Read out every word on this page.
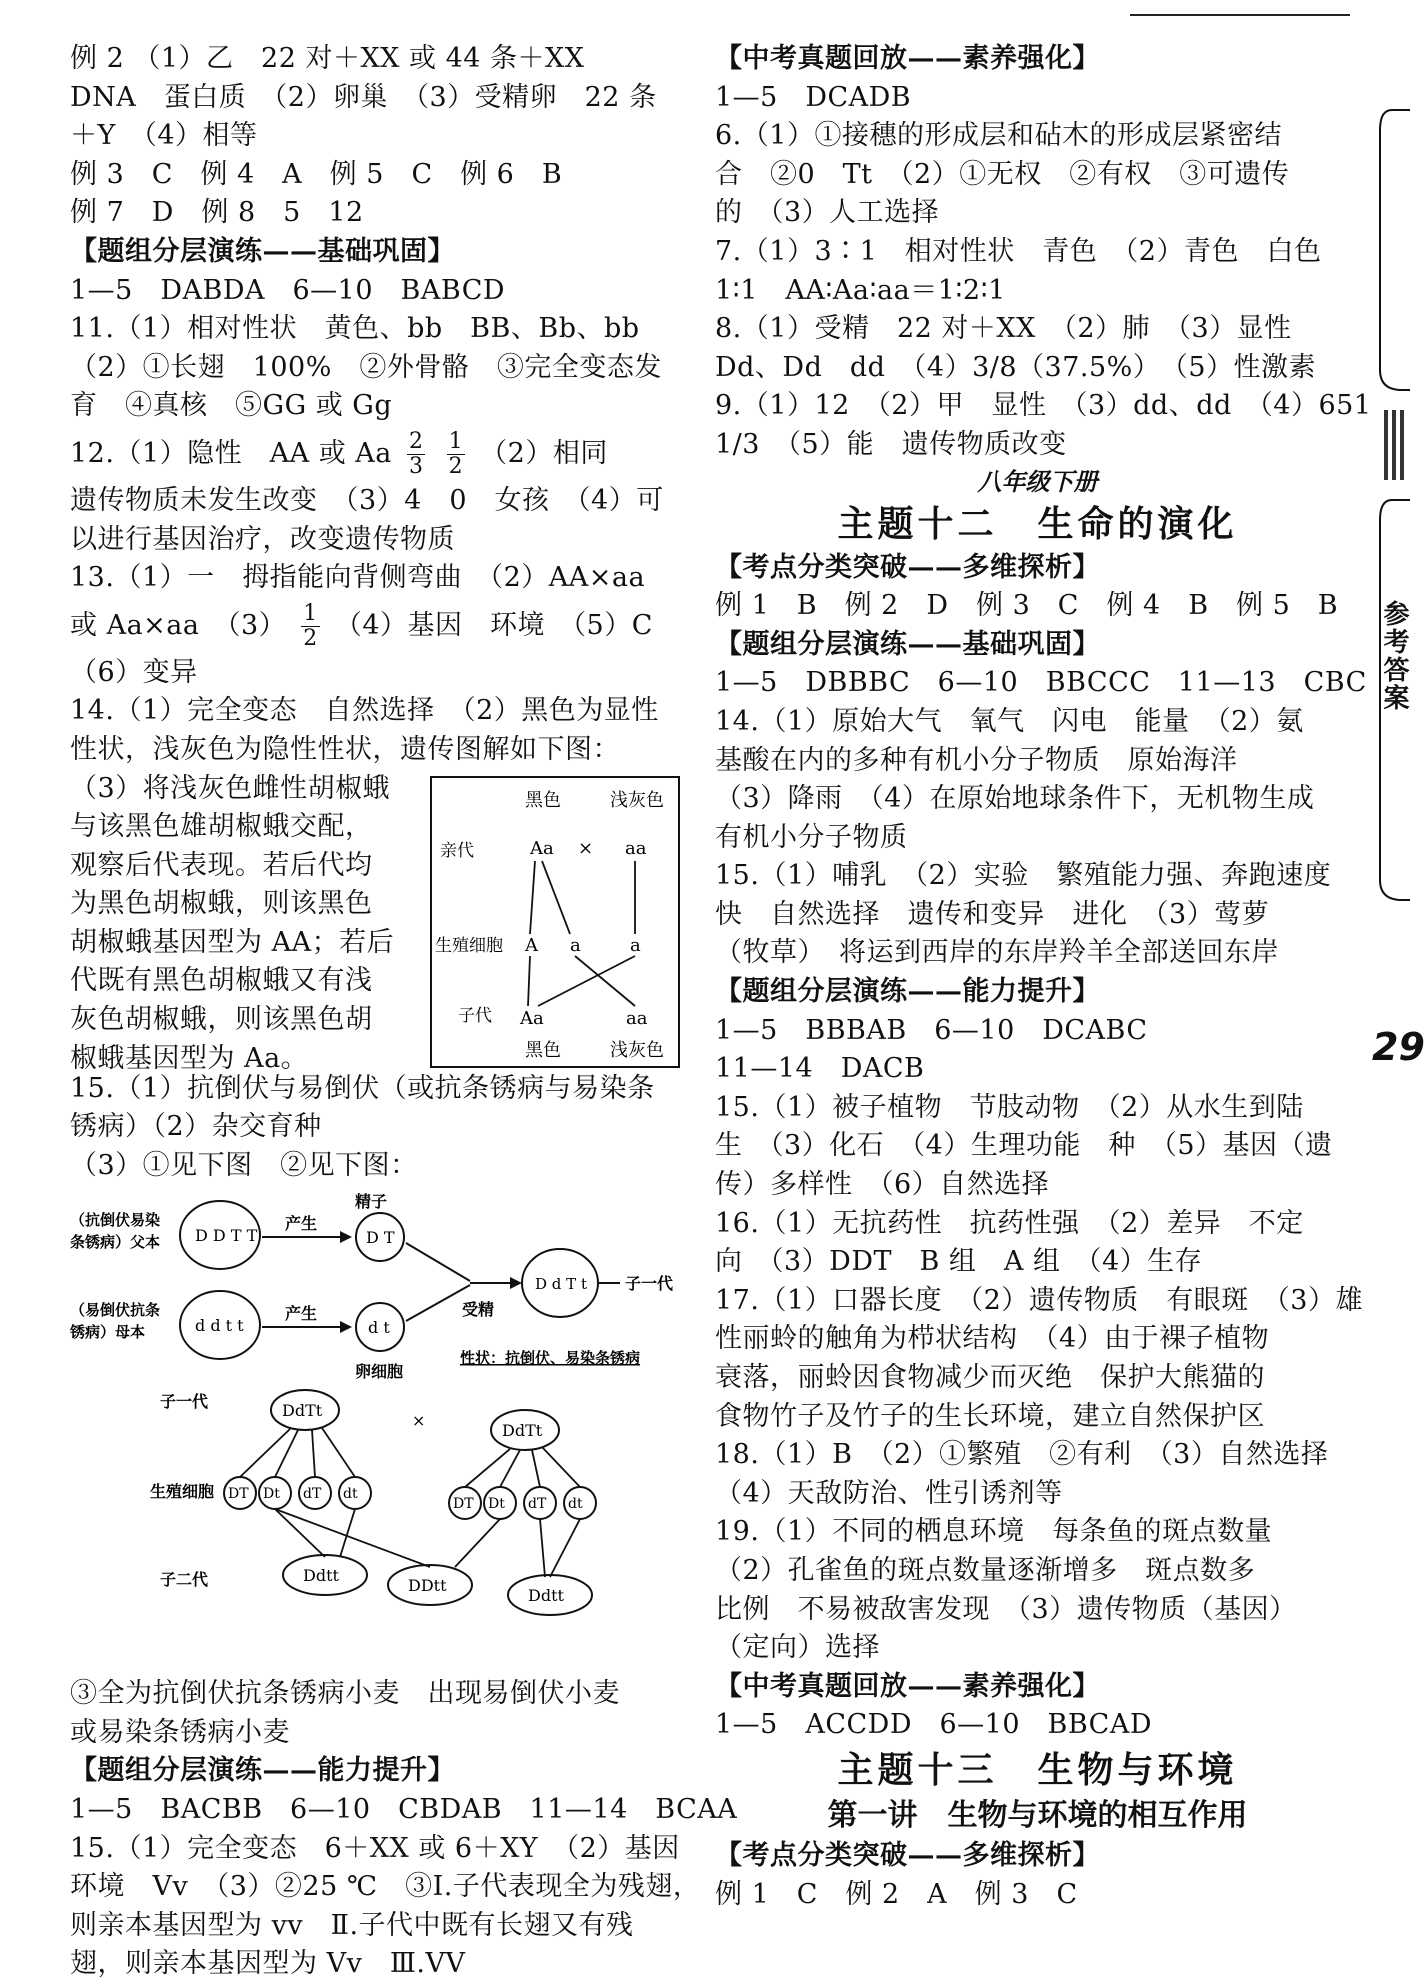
例 2 （1）乙　22 对＋XX 或 44 条＋XX
DNA　蛋白质　（2）卵巢　（3）受精卵　22 条
＋Y　（4）相等
例 3　C　例 4　A　例 5　C　例 6　B
例 7　D　例 8　5　12
【题组分层演练——基础巩固】
1—5　DABDA　6—10　BABCD
11.（1）相对性状　黄色、bb　BB、Bb、bb
（2）①长翅　100%　②外骨骼　③完全变态发
育　④真核　⑤GG 或 Gg
12.（1）隐性　AA 或 Aa $\frac{2}{3}$
$\frac{1}{2} (2)$相同
遗传物质未发生改变　（3）4　0　女孩　（4）可
以进行基因治疗，改变遗传物质
13.（1）一　拇指能向背侧弯曲　（2）AA×aa
或 Aa×aa　$(3) \frac{1}{2} (4)$基因　环境　（5）C
（6）变异
14.（1）完全变态　自然选择　（2）黑色为显性
性状，浅灰色为隐性性状，遗传图解如下图：
（3）将浅灰色雌性胡椒蛾
与该黑色雄胡椒蛾交配，
观察后代表现。若后代均
为黑色胡椒蛾，则该黑色
胡椒蛾基因型为 AA；若后
代既有黑色胡椒蛾又有浅
灰色胡椒蛾，则该黑色胡
椒蛾基因型为 Aa。
黑色	浅灰色
亲代	Aa × aa
生殖细胞 A a	a
子代 Aa	aa
黑色	浅灰色
15.（1）抗倒伏与易倒伏（或抗条锈病与易染条
锈病）（2）杂交育种
（3）①见下图　②见下图：
（抗倒伏易染
条锈病）父本
（易倒伏抗条
锈病）母本
D D T T
d d t t
产生
产生
精子
D T
d t
卵细胞
受精
D d T t 子一代
性状：抗倒伏、易染条锈病
子一代	DdTt
×
DdTt
生殖细胞 DT Dt dT dt
DT Dt dT dt
子二代	Ddtt
DDtt
Ddtt
③全为抗倒伏抗条锈病小麦　出现易倒伏小麦
或易染条锈病小麦
【题组分层演练——能力提升】
1—5　BACBB　6—10　CBDAB　11—14　BCAA
15.（1）完全变态　6＋XX 或 6＋XY　（2）基因
环境　Vv　（3）②25 ℃　③Ⅰ.子代表现全为残翅，
则亲本基因型为 vv　Ⅱ.子代中既有长翅又有残
翅，则亲本基因型为 Vv　Ⅲ.VV
【中考真题回放——素养强化】
1—5　DCADB
6.（1）①接穗的形成层和砧木的形成层紧密结
合　②0　Tt　（2）①无权　②有权　③可遗传
的　（3）人工选择
7.（1）3∶1　相对性状　青色　（2）青色　白色
1∶1　AA∶Aa∶aa＝1∶2∶1
8.（1）受精　22 对＋XX　（2）肺　（3）显性
Dd、Dd　dd　（4）3/8（37.5%）　（5）性激素
9.（1）12　（2）甲　显性　（3）dd、dd　（4）651
1/3　（5）能　遗传物质改变
八年级下册
主题十二　生命的演化
【考点分类突破——多维探析】
例 1　B　例 2　D　例 3　C　例 4　B　例 5　B
【题组分层演练——基础巩固】
1—5　DBBBC　6—10　BBCCC　11—13　CBC
14.（1）原始大气　氧气　闪电　能量　（2）氨
基酸在内的多种有机小分子物质　原始海洋
（3）降雨　（4）在原始地球条件下，无机物生成
有机小分子物质
15.（1）哺乳　（2）实验　繁殖能力强、奔跑速度
快　自然选择　遗传和变异　进化　（3）莺萝
（牧草）　将运到西岸的东岸羚羊全部送回东岸
【题组分层演练——能力提升】
1—5　BBBAB　6—10　DCABC
11—14　DACB
15.（1）被子植物　节肢动物　（2）从水生到陆
生　（3）化石　（4）生理功能　种　（5）基因（遗
传）多样性　（6）自然选择
16.（1）无抗药性　抗药性强　（2）差异　不定
向　（3）DDT　B 组　A 组　（4）生存
17.（1）口器长度　（2）遗传物质　有眼斑　（3）雄
性丽蛉的触角为栉状结构　（4）由于裸子植物
衰落，丽蛉因食物减少而灭绝　保护大熊猫的
食物竹子及竹子的生长环境，建立自然保护区
18.（1）B　（2）①繁殖　②有利　（3）自然选择
（4）天敌防治、性引诱剂等
19.（1）不同的栖息环境　每条鱼的斑点数量
（2）孔雀鱼的斑点数量逐渐增多　斑点数多
比例　不易被敌害发现　（3）遗传物质（基因）
（定向）选择
【中考真题回放——素养强化】
1—5　ACCDD　6—10　BBCAD
主题十三　生物与环境
第一讲　生物与环境的相互作用
【考点分类突破——多维探析】
例 1　C　例 2　A　例 3　C
参考答案
29
